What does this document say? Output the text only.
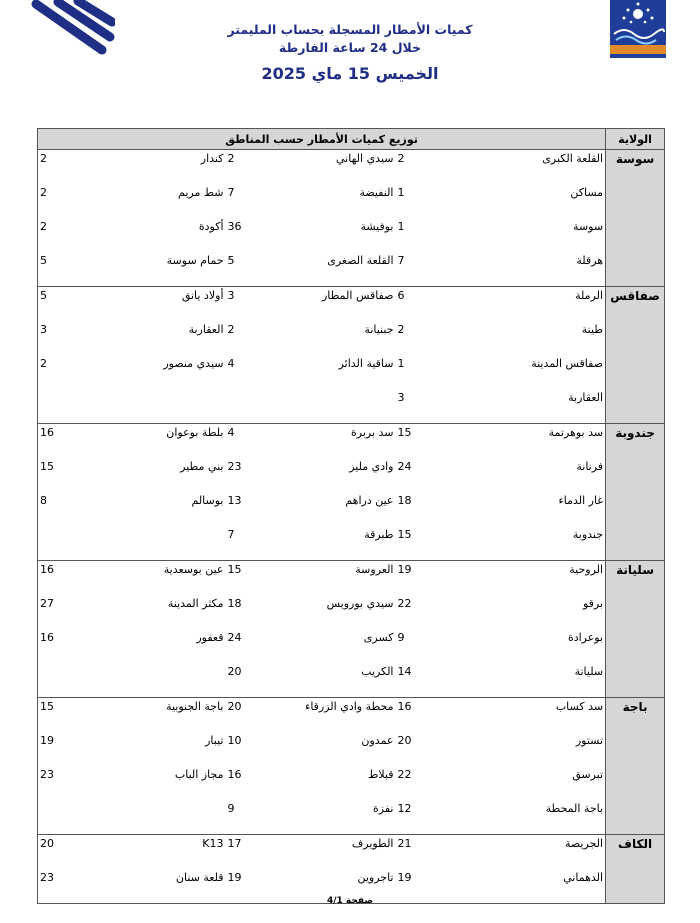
كميات الأمطار المسجلة بحساب المليمتر
خلال 24 ساعة الفارطة
الخميس 15 ماي 2025
توزيع كميات الأمطار حسب المناطق						الولاية
2	كندار	2	سيدي الهاني	2	القلعة الكبرى	سوسة
2	شط مريم	7	النفيضة	1	مساكن	
2	أكودة	36	بوفيشة	1	سوسة	
5	حمام سوسة	5	القلعة الصغرى	7	هرقلة	
5	أولاد يانق	3	صفاقس المطار	6	الرملة	صفاقس
3	العقاربة	2	جبنيانة	2	طينة	
2	سيدي منصور	4	ساقية الدائر	1	صفاقس المدينة	
				3	العقاربة	
16	بلطة بوعوان	4	سد بربرة	15	سد بوهرتمة	جندوبة
15	بني مطير	23	وادي مليز	24	فرنانة	
8	بوسالم	13	عين دراهم	18	غار الدماء	
		7	طبرقة	15	جندوبة	
16	عين بوسعدية	15	العروسة	19	الروحية	سليانة
27	مكثر المدينة	18	سيدي بورويس	22	برقو	
16	قعفور	24	كسرى	9	بوعرادة	
		20	الكريب	14	سليانة	
15	باجة الجنوبية	20	محطة وادي الزرقاء	16	سد كساب	باجة
19	تيبار	10	عمدون	20	تستور	
23	مجاز الباب	16	قبلاط	22	تبرسق	
		9	نفزة	12	باجة المحطة	
20	K13	17	الطويرف	21	الجريصة	الكاف
23	قلعة سنان	19	تاجروين	19	الدهماني	
صفحة 4/1
